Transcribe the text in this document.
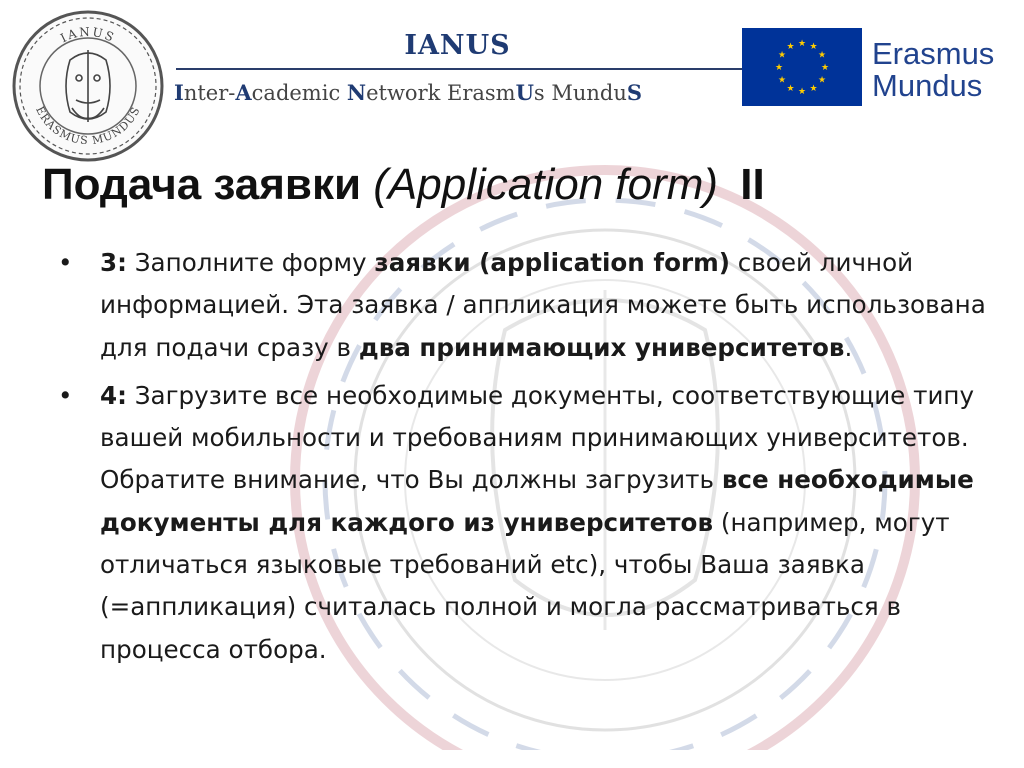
IANUS
ERASMUS MUNDUS
IANUS
Inter-Academic Network ErasmUs MunduS
★ ★
★
★
★
★
★
★
★
★
★
★ Erasmus
Mundus
Подача заявки (Application form) II
• 3: Заполните форму заявки (application form) своей личной информацией. Эта заявка / аппликация можете быть использована для подачи сразу в два принимающих университетов.
• 4: Загрузите все необходимые документы, соответствующие типу вашей мобильности и требованиям принимающих университетов. Обратите внимание, что Вы должны загрузить все необходимые документы для каждого из университетов (например, могут отличаться языковые требований etc), чтобы Ваша заявка (=аппликация) считалась полной и могла рассматриваться в процесса отбора.
